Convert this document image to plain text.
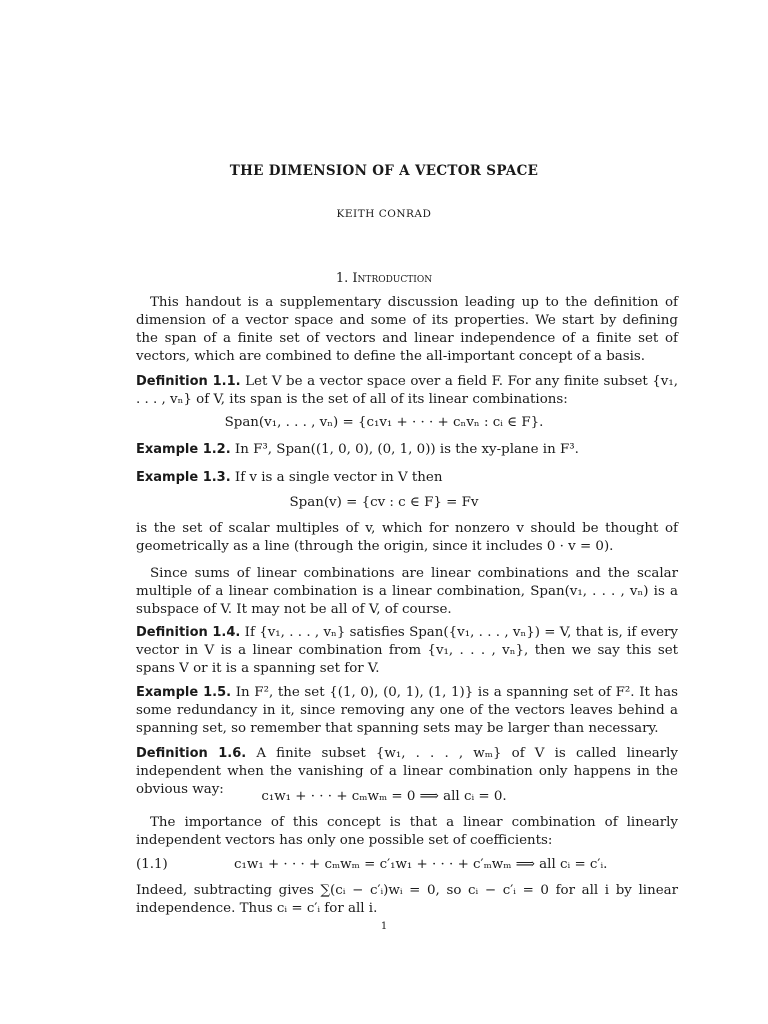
THE DIMENSION OF A VECTOR SPACE
KEITH CONRAD
1. Introduction
This handout is a supplementary discussion leading up to the definition of dimension of a vector space and some of its properties. We start by defining the span of a finite set of vectors and linear independence of a finite set of vectors, which are combined to define the all-important concept of a basis.
Definition 1.1. Let V be a vector space over a field F. For any finite subset {v₁, . . . , vₙ} of V, its span is the set of all of its linear combinations:
Span(v₁, . . . , vₙ) = {c₁v₁ + · · · + cₙvₙ : cᵢ ∈ F}.
Example 1.2. In F³, Span((1, 0, 0), (0, 1, 0)) is the xy-plane in F³.
Example 1.3. If v is a single vector in V then
Span(v) = {cv : c ∈ F} = Fv
is the set of scalar multiples of v, which for nonzero v should be thought of geometrically as a line (through the origin, since it includes 0 · v = 0).
Since sums of linear combinations are linear combinations and the scalar multiple of a linear combination is a linear combination, Span(v₁, . . . , vₙ) is a subspace of V. It may not be all of V, of course.
Definition 1.4. If {v₁, . . . , vₙ} satisfies Span({v₁, . . . , vₙ}) = V, that is, if every vector in V is a linear combination from {v₁, . . . , vₙ}, then we say this set spans V or it is a spanning set for V.
Example 1.5. In F², the set {(1, 0), (0, 1), (1, 1)} is a spanning set of F². It has some redundancy in it, since removing any one of the vectors leaves behind a spanning set, so remember that spanning sets may be larger than necessary.
Definition 1.6. A finite subset {w₁, . . . , wₘ} of V is called linearly independent when the vanishing of a linear combination only happens in the obvious way:	c₁w₁ + · · · + cₘwₘ = 0 ⟹ all cᵢ = 0.
The importance of this concept is that a linear combination of linearly independent vectors has only one possible set of coefficients:
(1.1)	c₁w₁ + · · · + cₘwₘ = c′₁w₁ + · · · + c′ₘwₘ ⟹ all cᵢ = c′ᵢ.
Indeed, subtracting gives ∑(cᵢ − c′ᵢ)wᵢ = 0, so cᵢ − c′ᵢ = 0 for all i by linear independence. Thus cᵢ = c′ᵢ for all i.
1
